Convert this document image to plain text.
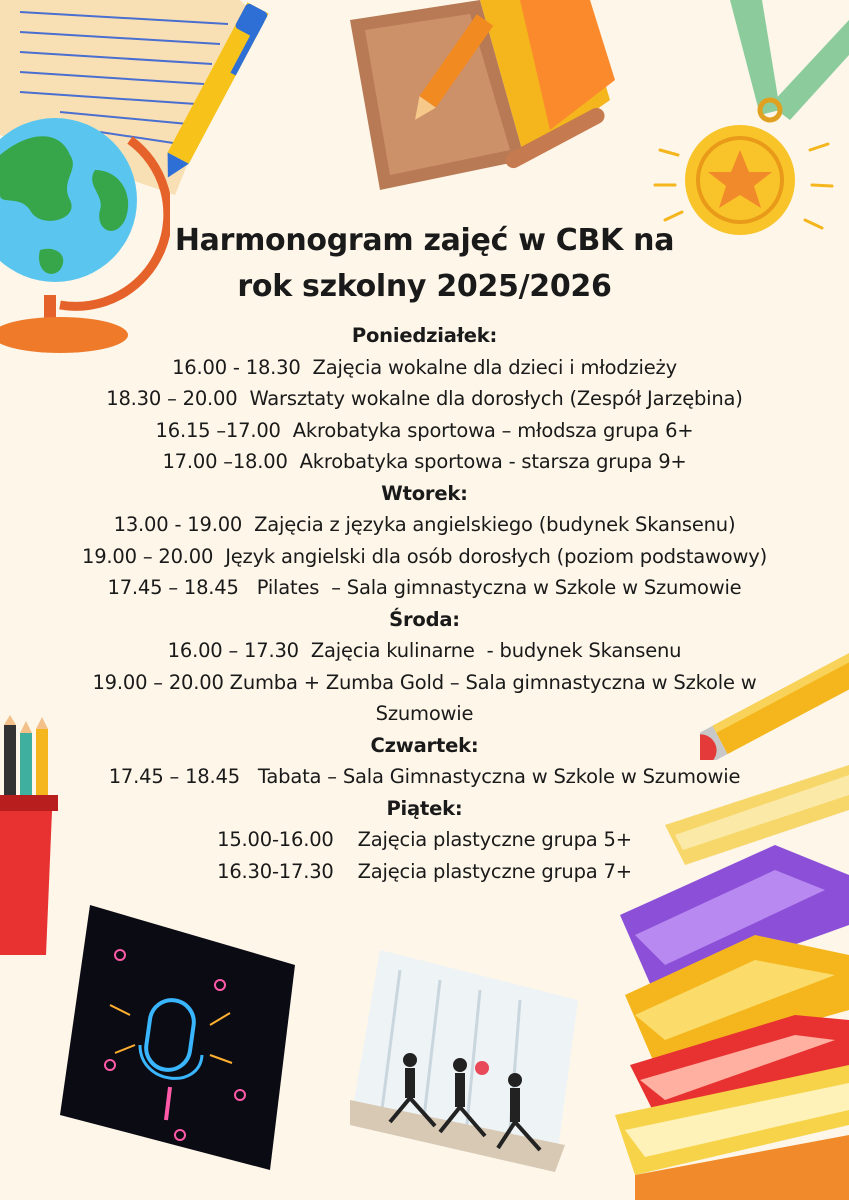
Harmonogram zajęć w CBK na
rok szkolny 2025/2026
Poniedziałek:
16.00 - 18.30  Zajęcia wokalne dla dzieci i młodzieży
18.30 – 20.00  Warsztaty wokalne dla dorosłych (Zespół Jarzębina)
16.15 –17.00  Akrobatyka sportowa – młodsza grupa 6+
17.00 –18.00  Akrobatyka sportowa - starsza grupa 9+
Wtorek:
13.00 - 19.00  Zajęcia z języka angielskiego (budynek Skansenu)
19.00 – 20.00  Język angielski dla osób dorosłych (poziom podstawowy)
17.45 – 18.45   Pilates  – Sala gimnastyczna w Szkole w Szumowie
Środa:
16.00 – 17.30  Zajęcia kulinarne  - budynek Skansenu
19.00 – 20.00 Zumba + Zumba Gold – Sala gimnastyczna w Szkole w Szumowie
Czwartek:
17.45 – 18.45   Tabata – Sala Gimnastyczna w Szkole w Szumowie
Piątek:
15.00-16.00    Zajęcia plastyczne grupa 5+
16.30-17.30    Zajęcia plastyczne grupa 7+
